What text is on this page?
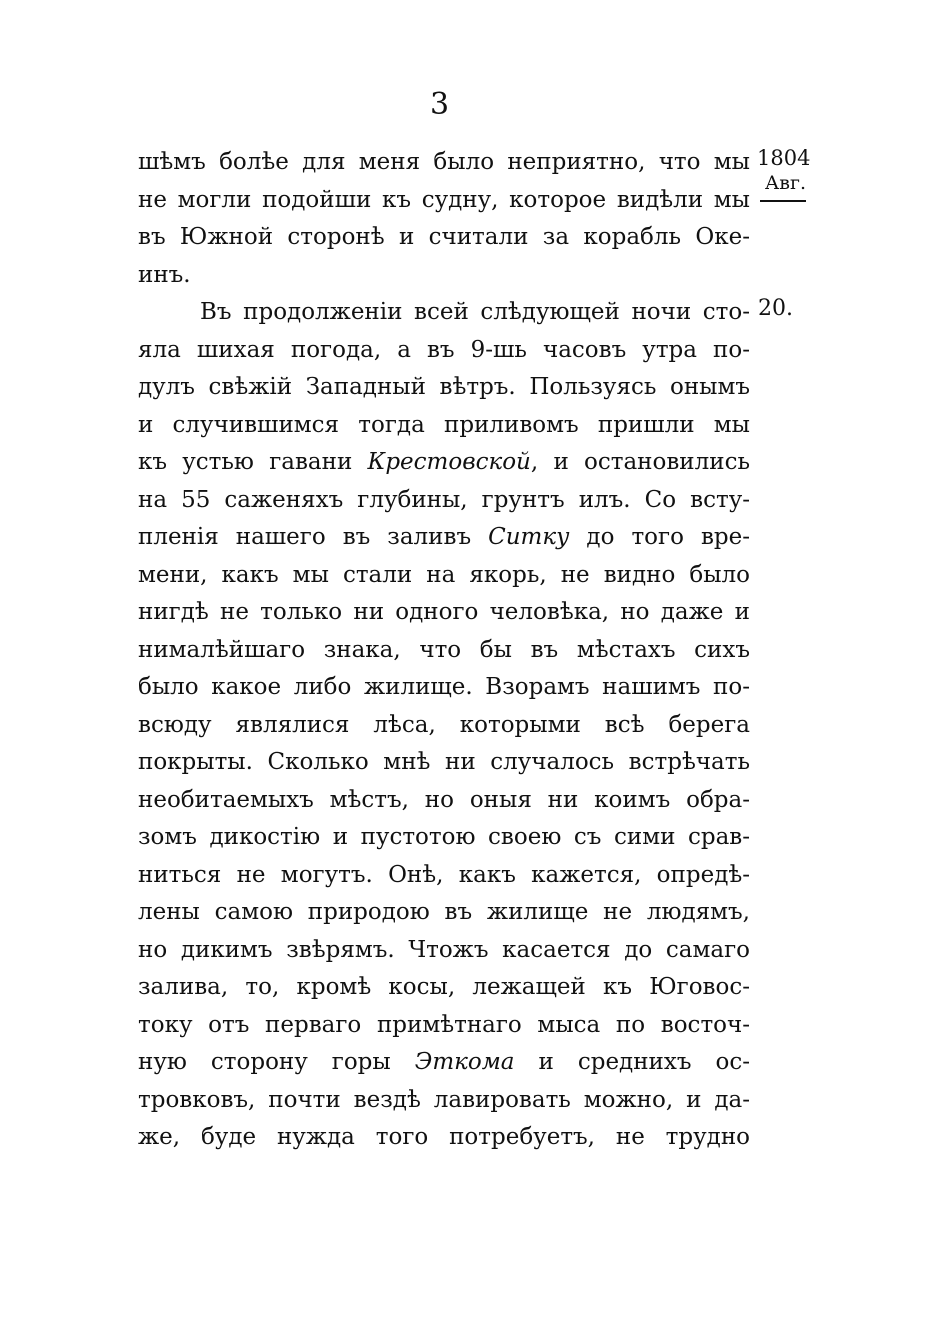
3
1804
Авг.
20.
шѣмъ болѣе для меня было неприятно, что мы
не могли подойши къ судну, которое видѣли мы
въ Южной сторонѣ и считали за корабль Оке-
инъ.
Въ продолженіи всей слѣдующей ночи сто-
яла шихая погода, а въ 9-шь часовъ утра по-
дулъ свѣжій Западный вѣтръ. Пользуясь онымъ
и случившимся тогда приливомъ пришли мы
къ устью гавани Крестовской, и остановились
на 55 саженяхъ глубины, грунтъ илъ. Со всту-
пленія нашего въ заливъ Ситку до того вре-
мени, какъ мы стали на якорь, не видно было
нигдѣ не только ни одного человѣка, но даже и
нималѣйшаго знака, что бы въ мѣстахъ сихъ
было какое либо жилище. Взорамъ нашимъ по-
всюду являлися лѣса, которыми всѣ берега
покрыты. Сколько мнѣ ни случалось встрѣчать
необитаемыхъ мѣстъ, но оныя ни коимъ обра-
зомъ дикостію и пустотою своею съ сими срав-
ниться не могутъ. Онѣ, какъ кажется, опредѣ-
лены самою природою въ жилище не людямъ,
но дикимъ звѣрямъ. Чтожъ касается до самаго
залива, то, кромѣ косы, лежащей къ Юговос-
току отъ перваго примѣтнаго мыса по восточ-
ную сторону горы Эткома и среднихъ ос-
тровковъ, почти вездѣ лавировать можно, и да-
же, буде нужда того потребуетъ, не трудно
